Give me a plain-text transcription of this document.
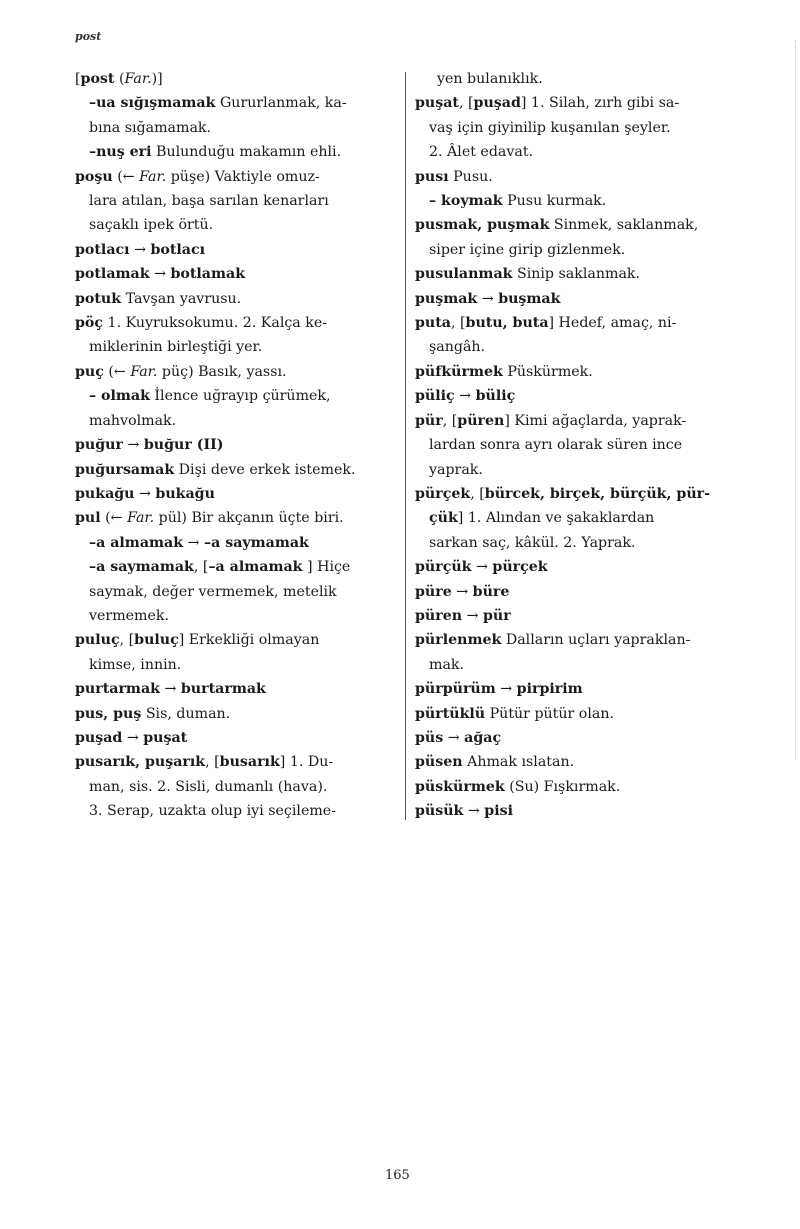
post
[post (Far.)]
–ua sığışmamak Gururlanmak, ka-
bına sığamamak.
–nuş eri Bulunduğu makamın ehli.
poşu (← Far. püşe) Vaktiyle omuz-
lara atılan, başa sarılan kenarları
saçaklı ipek örtü.
potlacı → botlacı
potlamak → botlamak
potuk Tavşan yavrusu.
pöç 1. Kuyruksokumu. 2. Kalça ke-
miklerinin birleştiği yer.
puç (← Far. püç) Basık, yassı.
– olmak İlence uğrayıp çürümek,
mahvolmak.
puğur → buğur (II)
puğursamak Dişi deve erkek istemek.
pukağu → bukağu
pul (← Far. pül) Bir akçanın üçte biri.
–a almamak → –a saymamak
–a saymamak, [–a almamak ] Hiçe
saymak, değer vermemek, metelik
vermemek.
puluç, [buluç] Erkekliği olmayan
kimse, innin.
purtarmak → burtarmak
pus, puş Sis, duman.
puşad → puşat
pusarık, puşarık, [busarık] 1. Du-
man, sis. 2. Sisli, dumanlı (hava).
3. Serap, uzakta olup iyi seçileme-
yen bulanıklık.
puşat, [puşad] 1. Silah, zırh gibi sa-
vaş için giyinilip kuşanılan şeyler.
2. Âlet edavat.
pusı Pusu.
– koymak Pusu kurmak.
pusmak, puşmak Sinmek, saklanmak,
siper içine girip gizlenmek.
pusulanmak Sinip saklanmak.
puşmak → buşmak
puta, [butu, buta] Hedef, amaç, ni-
şangâh.
püfkürmek Püskürmek.
püliç → büliç
pür, [püren] Kimi ağaçlarda, yaprak-
lardan sonra ayrı olarak süren ince
yaprak.
pürçek, [bürcek, birçek, bürçük, pür-
çük] 1. Alından ve şakaklardan
sarkan saç, kâkül. 2. Yaprak.
pürçük → pürçek
püre → büre
püren → pür
pürlenmek Dalların uçları yapraklan-
mak.
pürpürüm → pirpirim
pürtüklü Pütür pütür olan.
püs → ağaç
püsen Ahmak ıslatan.
püskürmek (Su) Fışkırmak.
püsük → pisi
165
